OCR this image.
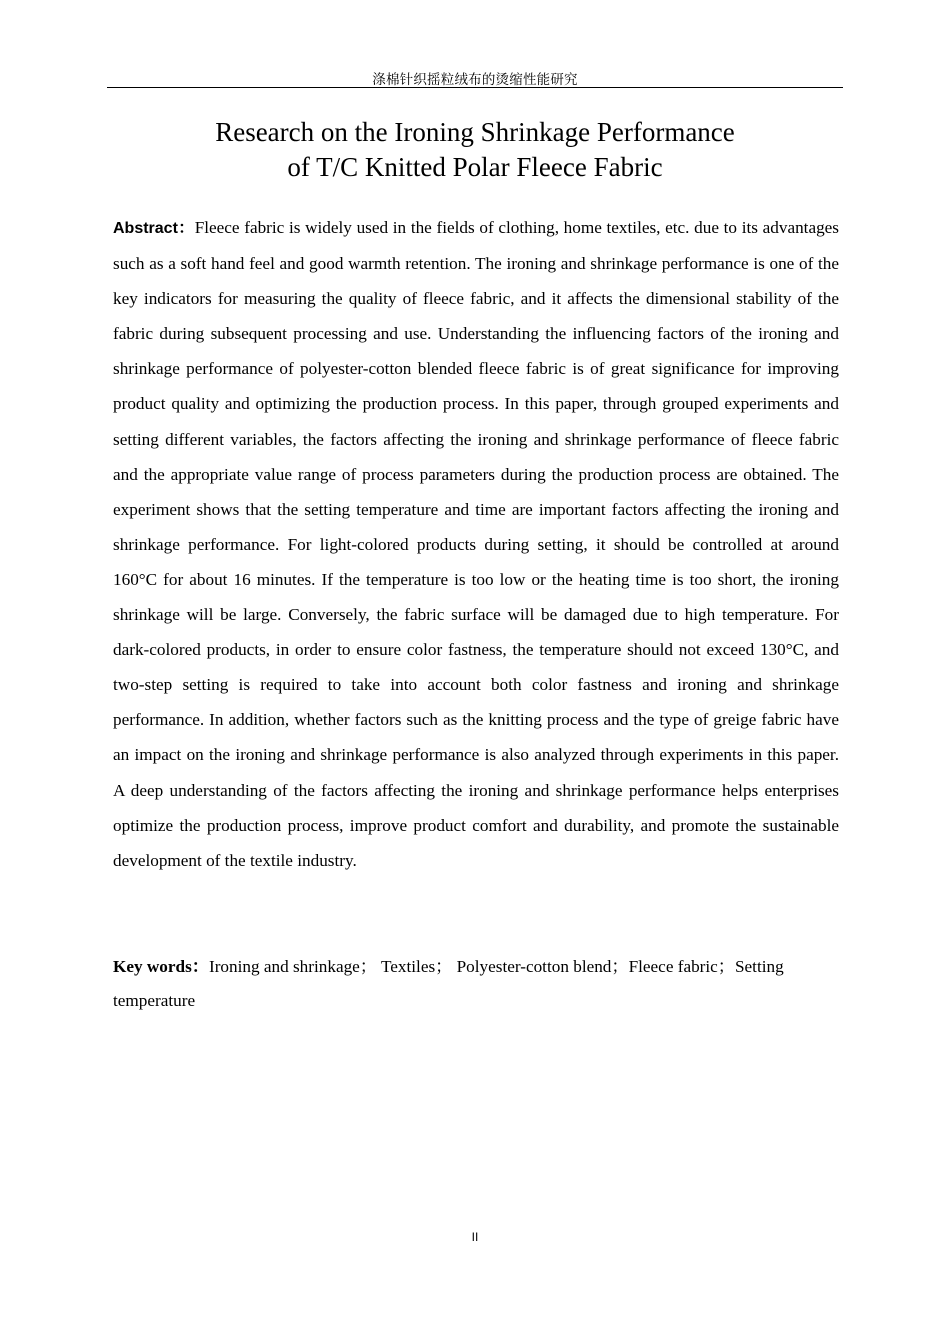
涤棉针织摇粒绒布的烫缩性能研究
Research on the Ironing Shrinkage Performance
of T/C Knitted Polar Fleece Fabric
Abstract：Fleece fabric is widely used in the fields of clothing, home textiles, etc. due to its advantages such as a soft hand feel and good warmth retention. The ironing and shrinkage performance is one of the key indicators for measuring the quality of fleece fabric, and it affects the dimensional stability of the fabric during subsequent processing and use. Understanding the influencing factors of the ironing and shrinkage performance of polyester-cotton blended fleece fabric is of great significance for improving product quality and optimizing the production process. In this paper, through grouped experiments and setting different variables, the factors affecting the ironing and shrinkage performance of fleece fabric and the appropriate value range of process parameters during the production process are obtained. The experiment shows that the setting temperature and time are important factors affecting the ironing and shrinkage performance. For light-colored products during setting, it should be controlled at around 160°C for about 16 minutes. If the temperature is too low or the heating time is too short, the ironing shrinkage will be large. Conversely, the fabric surface will be damaged due to high temperature. For dark-colored products, in order to ensure color fastness, the temperature should not exceed 130°C, and two-step setting is required to take into account both color fastness and ironing and shrinkage performance. In addition, whether factors such as the knitting process and the type of greige fabric have an impact on the ironing and shrinkage performance is also analyzed through experiments in this paper. A deep understanding of the factors affecting the ironing and shrinkage performance helps enterprises optimize the production process, improve product comfort and durability, and promote the sustainable development of the textile industry.
Key words：Ironing and shrinkage； Textiles； Polyester-cotton blend；Fleece fabric；Setting temperature
II
